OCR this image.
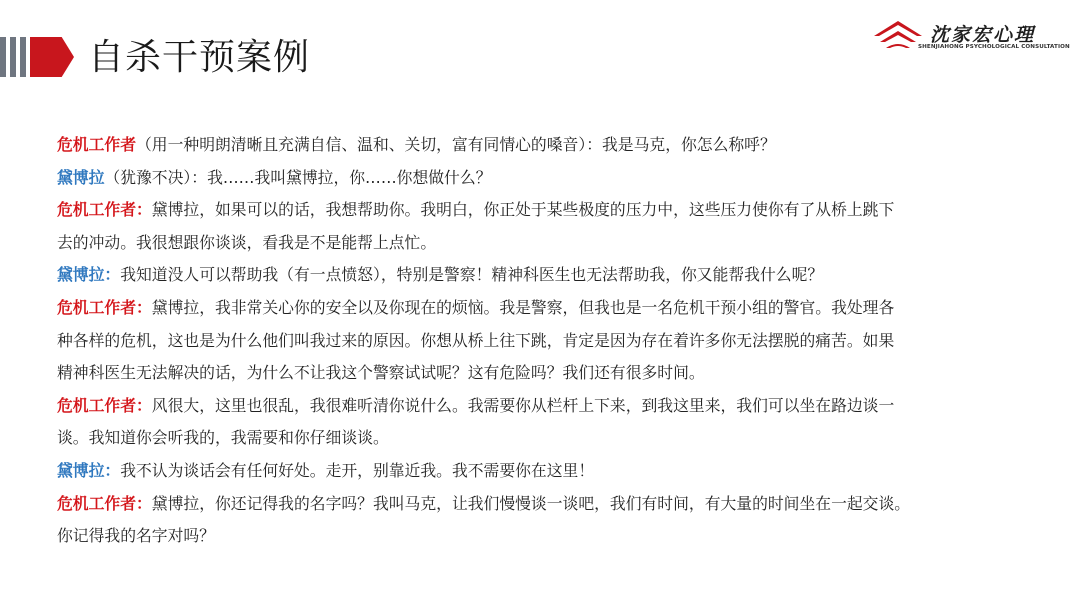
自杀干预案例
沈家宏心理
SHENJIAHONG PSYCHOLOGICAL CONSULTATION
危机工作者（用一种明朗清晰且充满自信、温和、关切，富有同情心的嗓音）：我是马克，你怎么称呼？
黛博拉（犹豫不决）：我……我叫黛博拉，你……你想做什么？
危机工作者：黛博拉，如果可以的话，我想帮助你。我明白，你正处于某些极度的压力中，这些压力使你有了从桥上跳下
去的冲动。我很想跟你谈谈，看我是不是能帮上点忙。
黛博拉：我知道没人可以帮助我（有一点愤怒），特别是警察！精神科医生也无法帮助我，你又能帮我什么呢？
危机工作者：黛博拉，我非常关心你的安全以及你现在的烦恼。我是警察，但我也是一名危机干预小组的警官。我处理各
种各样的危机，这也是为什么他们叫我过来的原因。你想从桥上往下跳，肯定是因为存在着许多你无法摆脱的痛苦。如果
精神科医生无法解决的话，为什么不让我这个警察试试呢？这有危险吗？我们还有很多时间。
危机工作者：风很大，这里也很乱，我很难听清你说什么。我需要你从栏杆上下来，到我这里来，我们可以坐在路边谈一
谈。我知道你会听我的，我需要和你仔细谈谈。
黛博拉：我不认为谈话会有任何好处。走开，别靠近我。我不需要你在这里！
危机工作者：黛博拉，你还记得我的名字吗？我叫马克，让我们慢慢谈一谈吧，我们有时间，有大量的时间坐在一起交谈。
你记得我的名字对吗？
